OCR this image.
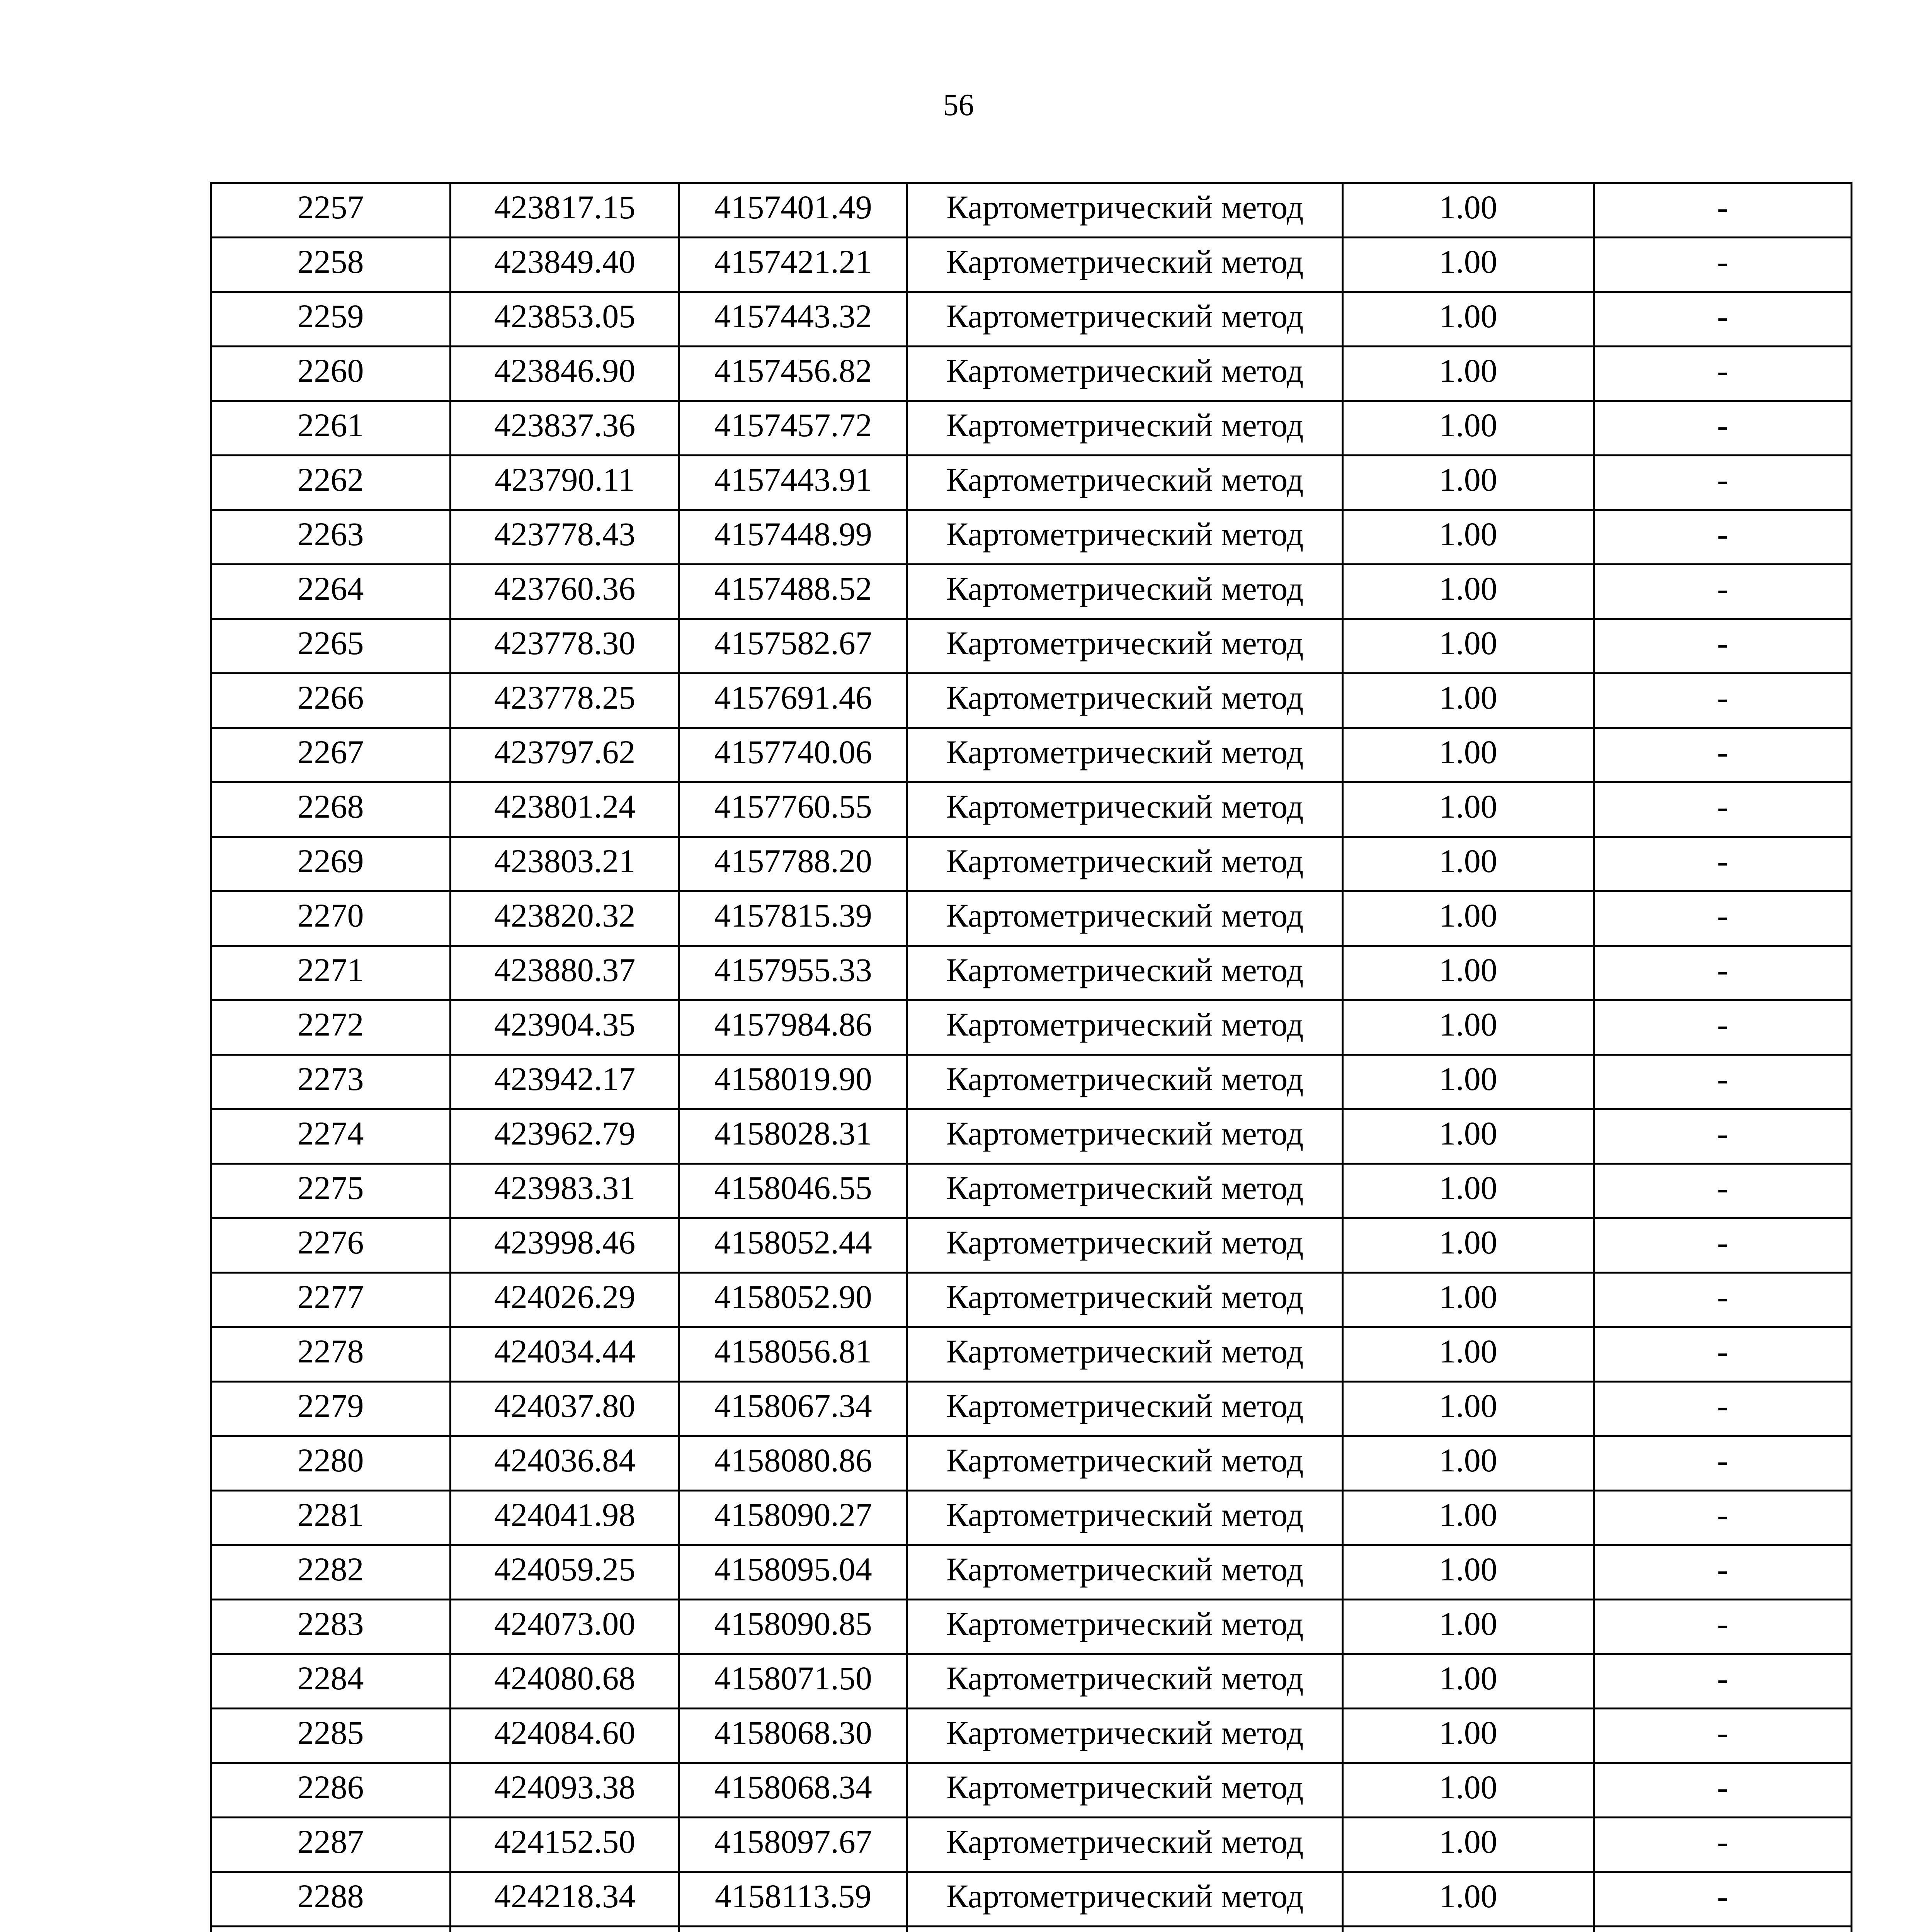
56
2257	423817.15	4157401.49	Картометрический метод	1.00	-
2258	423849.40	4157421.21	Картометрический метод	1.00	-
2259	423853.05	4157443.32	Картометрический метод	1.00	-
2260	423846.90	4157456.82	Картометрический метод	1.00	-
2261	423837.36	4157457.72	Картометрический метод	1.00	-
2262	423790.11	4157443.91	Картометрический метод	1.00	-
2263	423778.43	4157448.99	Картометрический метод	1.00	-
2264	423760.36	4157488.52	Картометрический метод	1.00	-
2265	423778.30	4157582.67	Картометрический метод	1.00	-
2266	423778.25	4157691.46	Картометрический метод	1.00	-
2267	423797.62	4157740.06	Картометрический метод	1.00	-
2268	423801.24	4157760.55	Картометрический метод	1.00	-
2269	423803.21	4157788.20	Картометрический метод	1.00	-
2270	423820.32	4157815.39	Картометрический метод	1.00	-
2271	423880.37	4157955.33	Картометрический метод	1.00	-
2272	423904.35	4157984.86	Картометрический метод	1.00	-
2273	423942.17	4158019.90	Картометрический метод	1.00	-
2274	423962.79	4158028.31	Картометрический метод	1.00	-
2275	423983.31	4158046.55	Картометрический метод	1.00	-
2276	423998.46	4158052.44	Картометрический метод	1.00	-
2277	424026.29	4158052.90	Картометрический метод	1.00	-
2278	424034.44	4158056.81	Картометрический метод	1.00	-
2279	424037.80	4158067.34	Картометрический метод	1.00	-
2280	424036.84	4158080.86	Картометрический метод	1.00	-
2281	424041.98	4158090.27	Картометрический метод	1.00	-
2282	424059.25	4158095.04	Картометрический метод	1.00	-
2283	424073.00	4158090.85	Картометрический метод	1.00	-
2284	424080.68	4158071.50	Картометрический метод	1.00	-
2285	424084.60	4158068.30	Картометрический метод	1.00	-
2286	424093.38	4158068.34	Картометрический метод	1.00	-
2287	424152.50	4158097.67	Картометрический метод	1.00	-
2288	424218.34	4158113.59	Картометрический метод	1.00	-
